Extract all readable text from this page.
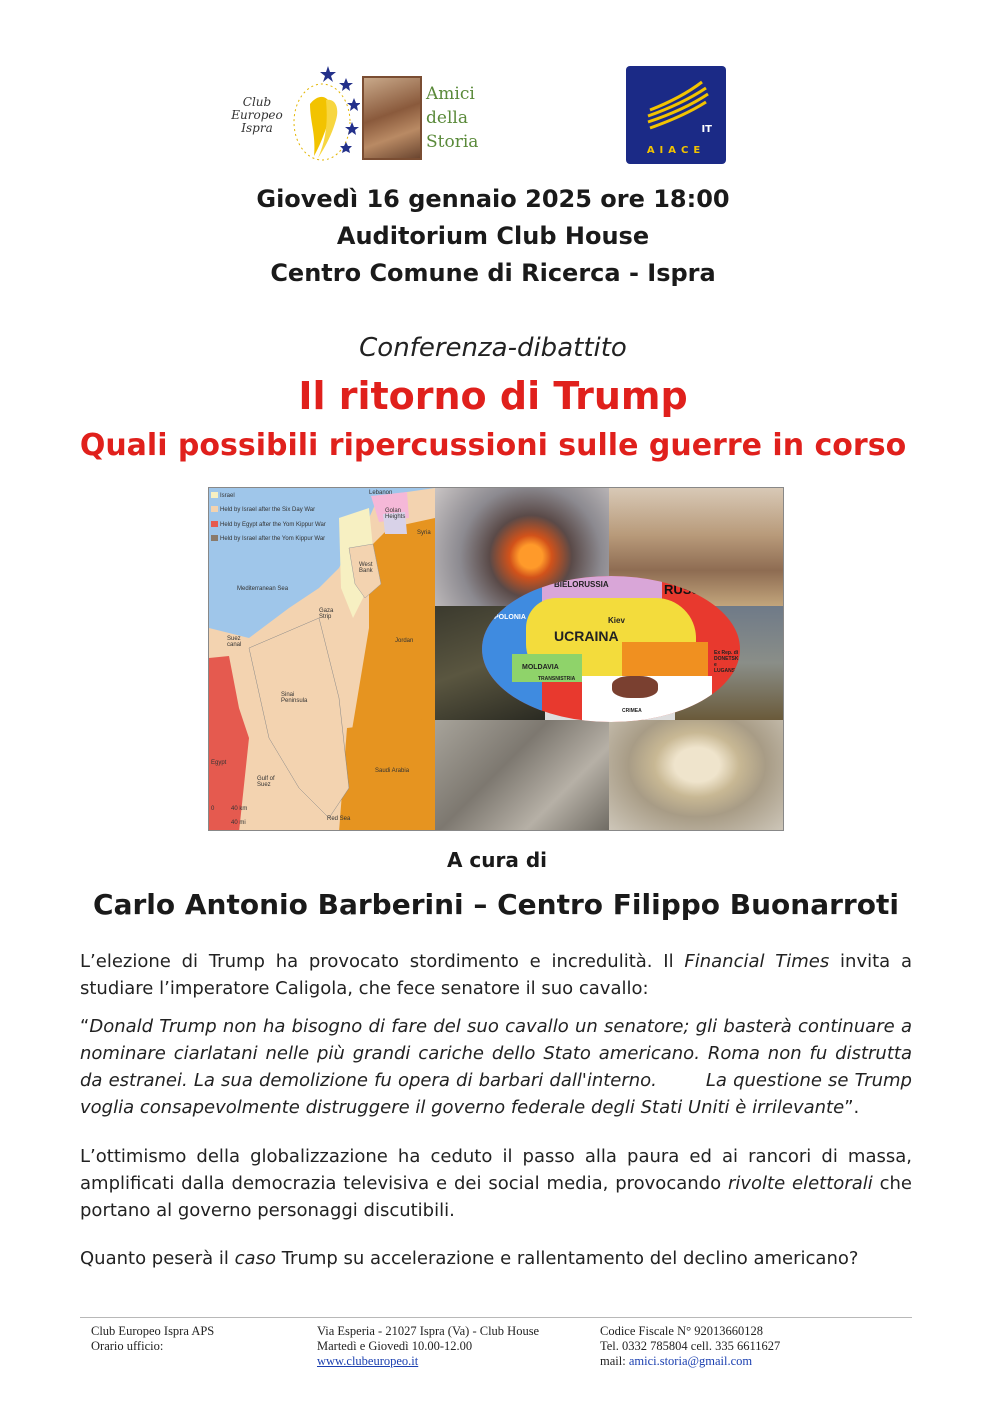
Club
Europeo
Ispra
Amici
della
Storia
IT
AIACE
Giovedì 16 gennaio 2025 ore 18:00
Auditorium Club House
Centro Comune di Ricerca - Ispra
Conferenza-dibattito
Il ritorno di Trump
Quali possibili ripercussioni sulle guerre in corso
Israel
Held by Israel after the Six Day War
Held by Egypt after the Yom Kippur War
Held by Israel after the Yom Kippur War
Lebanon
Golan Heights
Syria
West Bank
Mediterranean Sea
Gaza Strip
Suez canal
Jordan
Sinai Peninsula
Egypt
Gulf of Suez
Saudi Arabia
Red Sea
0	40 km
40 mi
BIELORUSSIA	RUSSIA
POLONIA	Kiev
UCRAINA
MOLDAVIA
TRANSNISTRIA
Ex Rep. di DONETSK e LUGANSK
CRIMEA
A cura di
Carlo Antonio Barberini – Centro Filippo Buonarroti
L’elezione di Trump ha provocato stordimento e incredulità. Il Financial Times invita a studiare l’imperatore Caligola, che fece senatore il suo cavallo:
“Donald Trump non ha bisogno di fare del suo cavallo un senatore; gli basterà continuare a nominare ciarlatani nelle più grandi cariche dello Stato americano. Roma non fu distrutta da estranei. La sua demolizione fu opera di barbari dall'interno.        La questione se Trump voglia consapevolmente distruggere il governo federale degli Stati Uniti è irrilevante”.
L’ottimismo della globalizzazione ha ceduto il passo alla paura ed ai rancori di massa, amplificati dalla democrazia televisiva e dei social media, provocando rivolte elettorali che portano al governo personaggi discutibili.
Quanto peserà il caso Trump su accelerazione e rallentamento del declino americano?
Club Europeo Ispra APS
Orario ufficio:
Via Esperia - 21027 Ispra (Va) - Club House
Martedì e Giovedì 10.00-12.00
www.clubeuropeo.it
Codice Fiscale N° 92013660128
Tel. 0332 785804 cell. 335 6611627
mail: amici.storia@gmail.com
